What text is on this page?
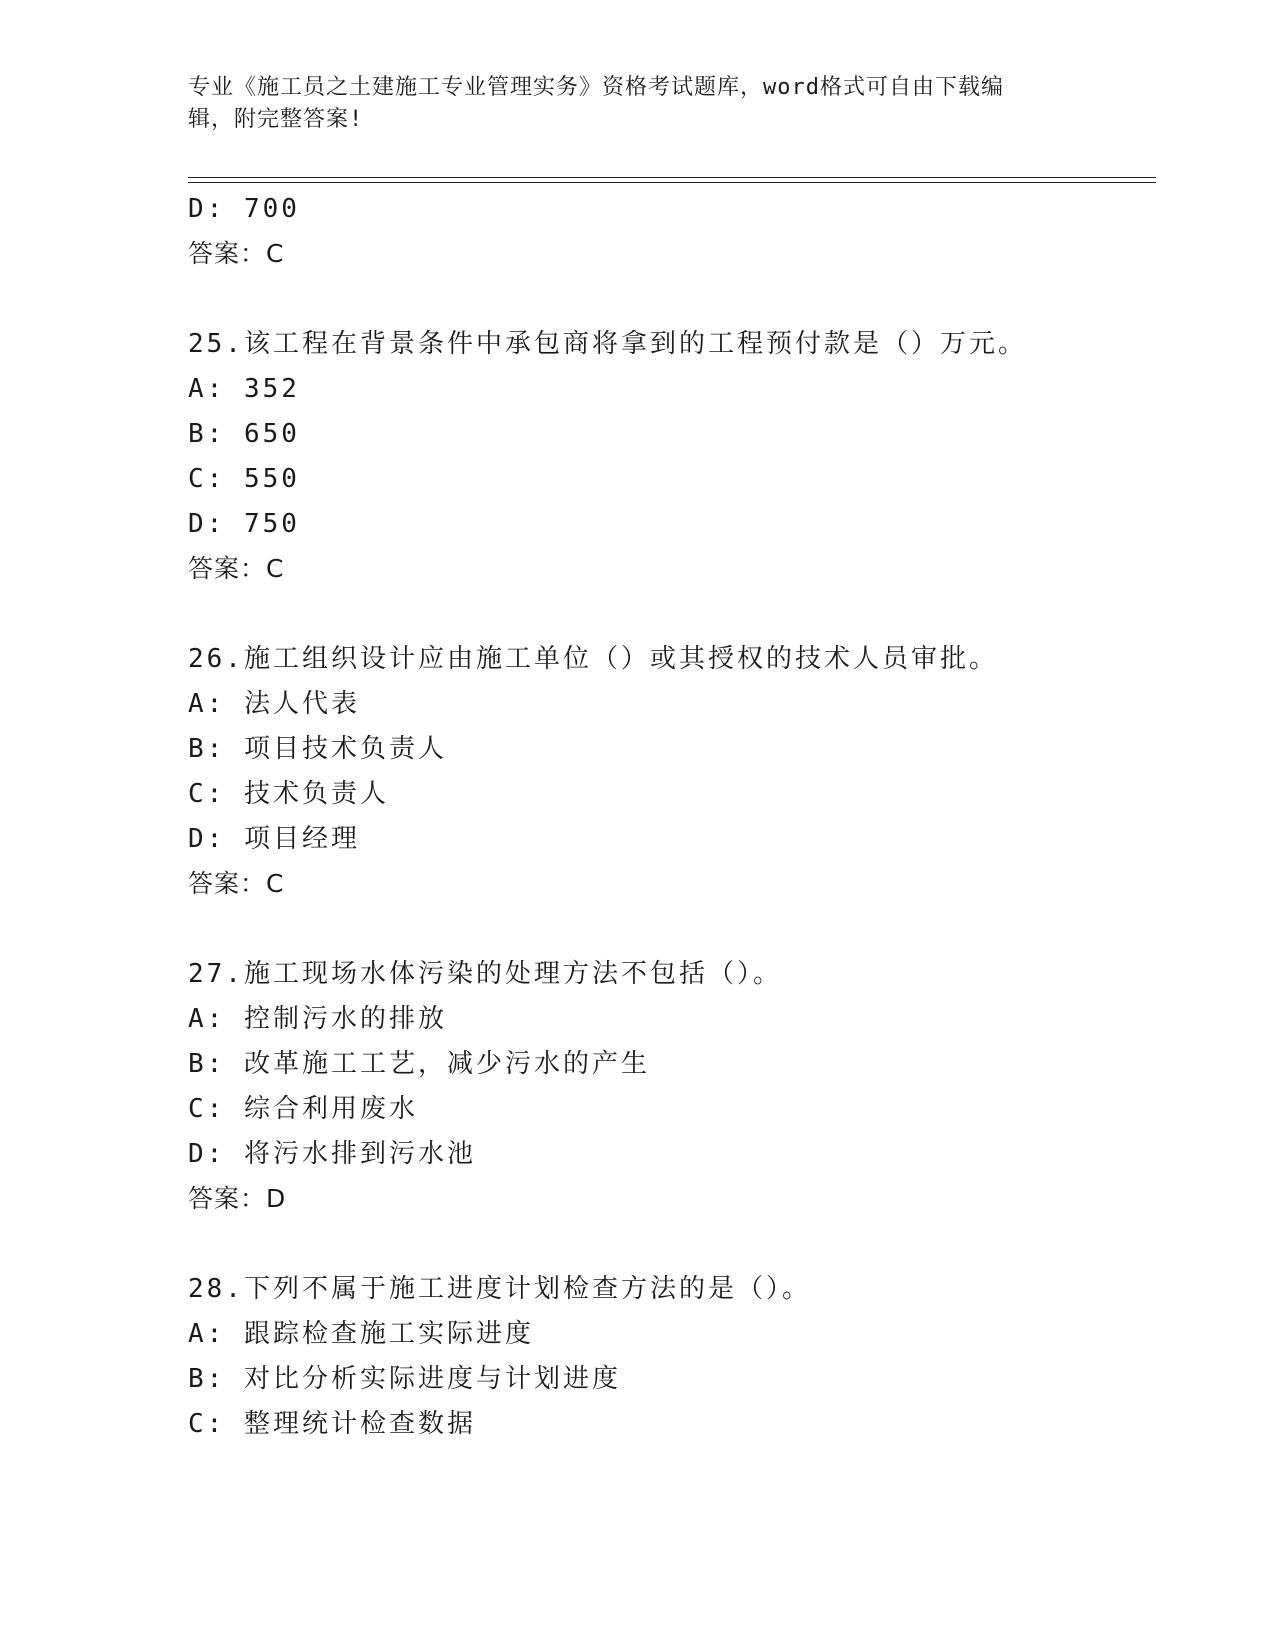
专业《施工员之土建施工专业管理实务》资格考试题库，word格式可自由下载编
辑，附完整答案!
D: 700
答案：C
25.该工程在背景条件中承包商将拿到的工程预付款是（）万元。
A: 352
B: 650
C: 550
D: 750
答案：C
26.施工组织设计应由施工单位（）或其授权的技术人员审批。
A: 法人代表
B: 项目技术负责人
C: 技术负责人
D: 项目经理
答案：C
27.施工现场水体污染的处理方法不包括（）。
A: 控制污水的排放
B: 改革施工工艺，减少污水的产生
C: 综合利用废水
D: 将污水排到污水池
答案：D
28.下列不属于施工进度计划检查方法的是（）。
A: 跟踪检查施工实际进度
B: 对比分析实际进度与计划进度
C: 整理统计检查数据
